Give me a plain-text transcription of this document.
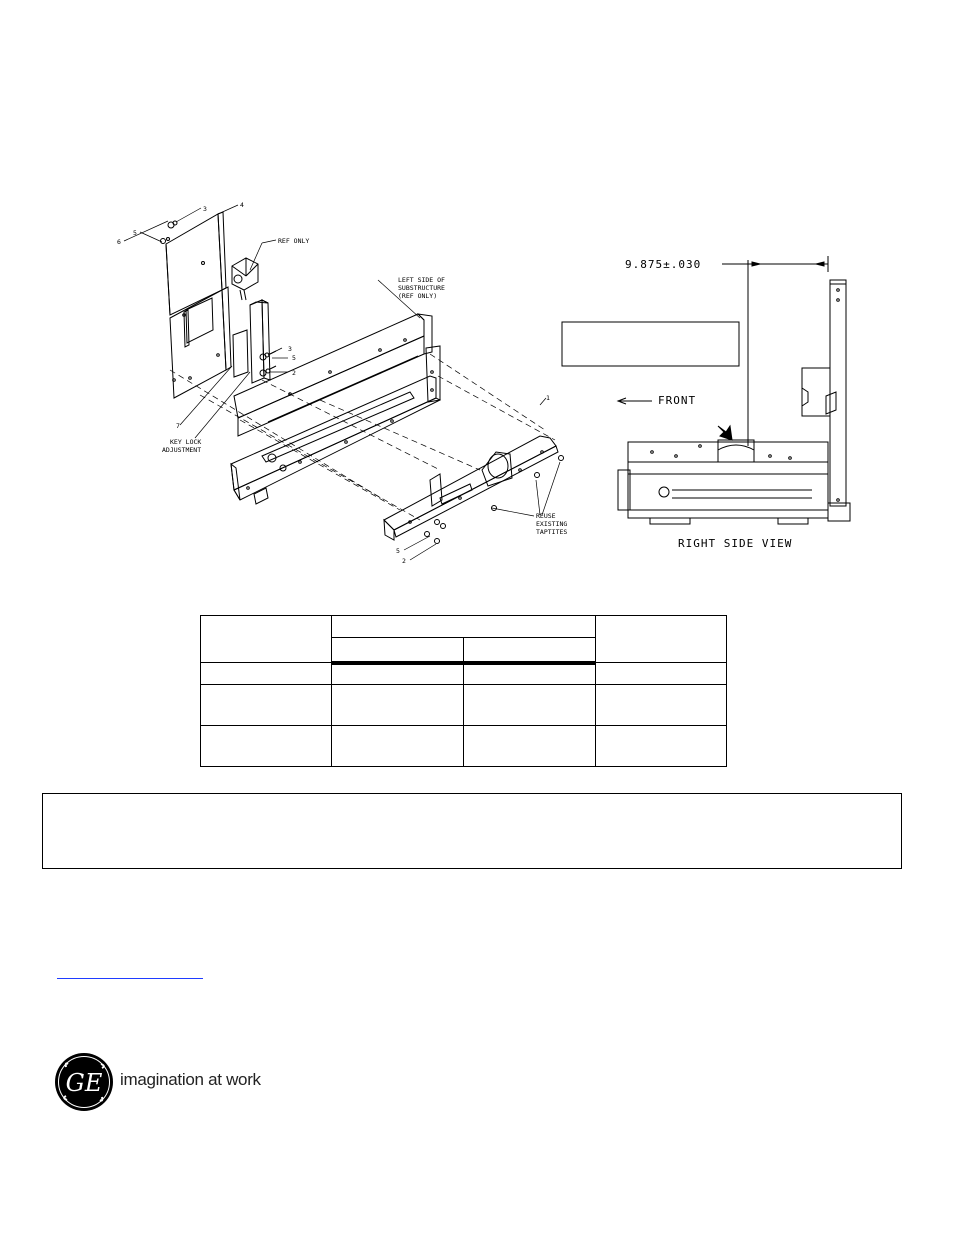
3	4
6
5
3
5
2
7
1
5
2
REF ONLY
LEFT SIDE OF
SUBSTRUCTURE
(REF ONLY)
KEY LOCK
ADJUSTMENT
REUSE
EXISTING
TAPTITES
9.875±.030
FRONT
RIGHT SIDE VIEW

GE imagination at work
